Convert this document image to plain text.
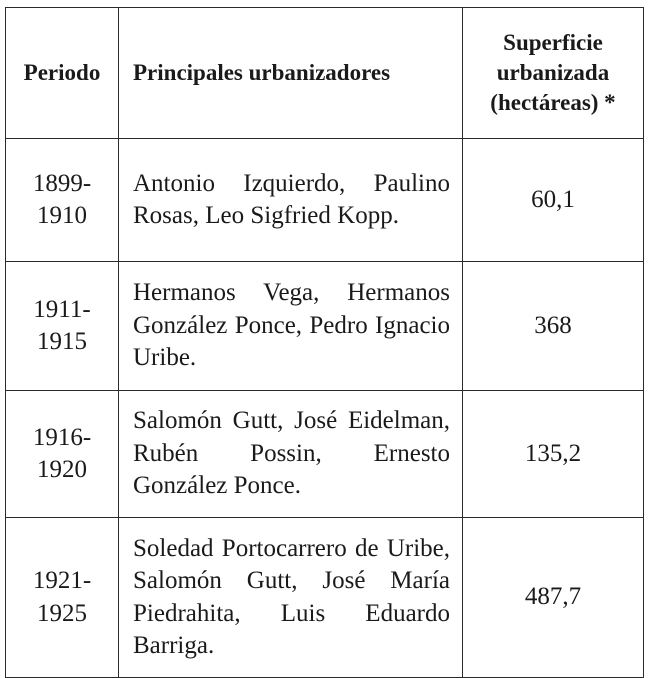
Periodo	Principales urbanizadores	Superficie
urbanizada
(hectáreas) *

1899-
1910	Antonio Izquierdo, Paulino Rosas, Leo Sigfried Kopp.	60,1

1911-
1915	Hermanos Vega, Hermanos González Ponce, Pedro Ignacio Uribe.	368

1916-
1920	Salomón Gutt, José Eidelman, Rubén Possin, Ernesto González Ponce.	135,2

1921-
1925	Soledad Portocarrero de Uribe, Salomón Gutt, José María Piedrahita, Luis Eduardo Barriga.	487,7
